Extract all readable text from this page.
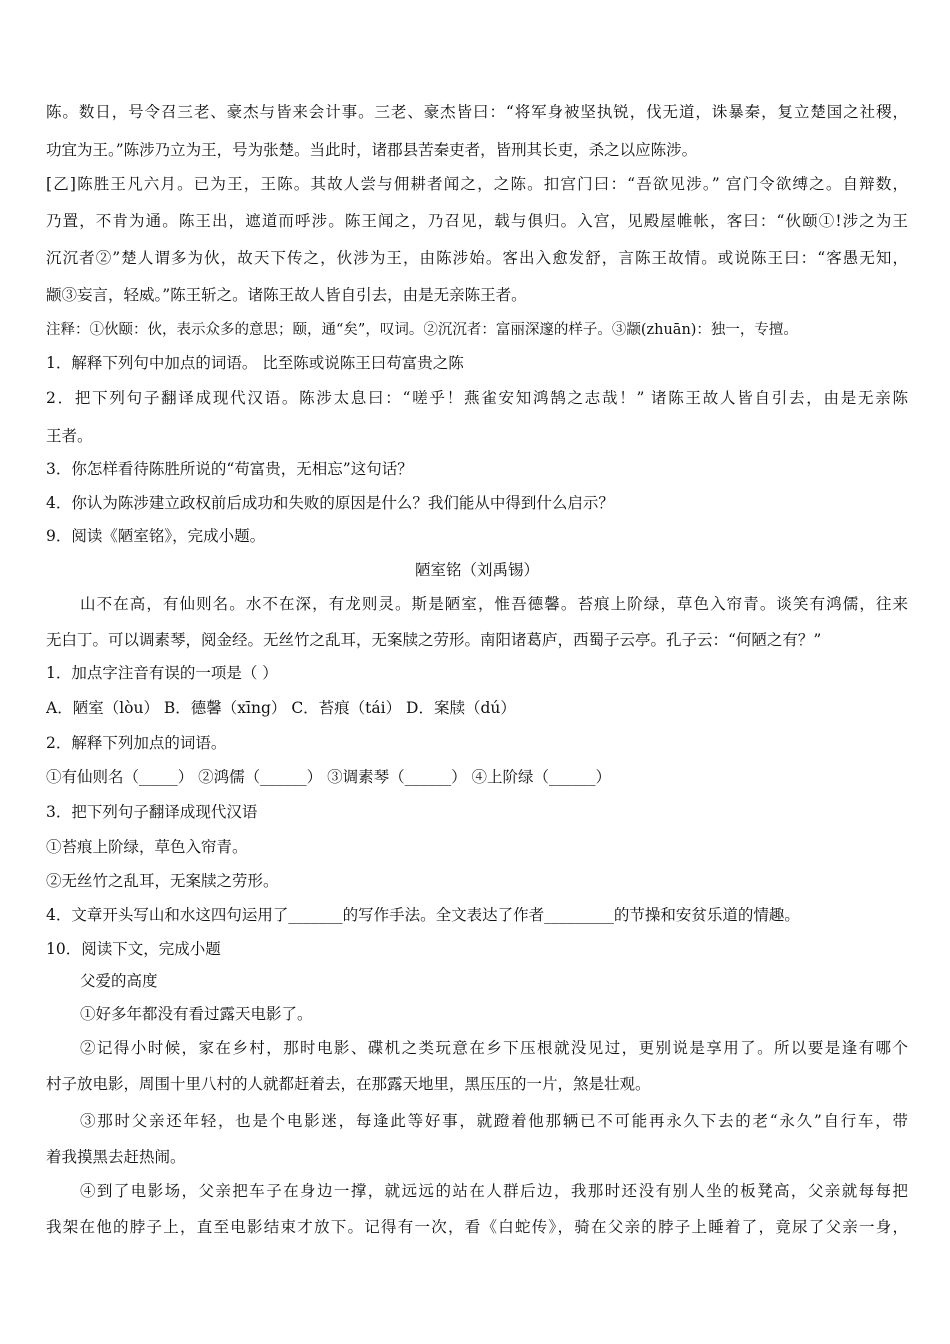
陈。数日，号令召三老、豪杰与皆来会计事。三老、豪杰皆曰：“将军身被坚执锐，伐无道，诛暴秦，复立楚国之社稷，
功宜为王。”陈涉乃立为王，号为张楚。当此时，诸郡县苦秦吏者，皆刑其长吏，杀之以应陈涉。
[乙]陈胜王凡六月。已为王，王陈。其故人尝与佣耕者闻之，之陈。扣宫门曰：“吾欲见涉。” 宫门令欲缚之。自辩数，
乃置，不肯为通。陈王出，遮道而呼涉。陈王闻之，乃召见，载与俱归。入宫，见殿屋帷帐，客曰：“伙颐①!涉之为王
沉沉者②”楚人谓多为伙，故天下传之，伙涉为王，由陈涉始。客出入愈发舒，言陈王故情。或说陈王曰：“客愚无知，
颛③妄言，轻威。”陈王斩之。诸陈王故人皆自引去，由是无亲陈王者。
注释：①伙颐：伙，表示众多的意思；颐，通“矣”，叹词。②沉沉者：富丽深邃的样子。③颛(zhuān)：独一，专擅。
1．解释下列句中加点的词语。 比至陈或说陈王曰苟富贵之陈
2．把下列句子翻译成现代汉语。陈涉太息曰：“嗟乎！燕雀安知鸿鹄之志哉！” 诸陈王故人皆自引去，由是无亲陈
王者。
3．你怎样看待陈胜所说的“苟富贵，无相忘”这句话？
4．你认为陈涉建立政权前后成功和失败的原因是什么？我们能从中得到什么启示？
9．阅读《陋室铭》，完成小题。
陋室铭（刘禹锡）
山不在高，有仙则名。水不在深，有龙则灵。斯是陋室，惟吾德馨。苔痕上阶绿，草色入帘青。谈笑有鸿儒，往来
无白丁。可以调素琴，阅金经。无丝竹之乱耳，无案牍之劳形。南阳诸葛庐，西蜀子云亭。孔子云：“何陋之有？”
1．加点字注音有误的一项是（ ）
A．陋室（lòu） B．德馨（xīng） C．苔痕（tái） D．案牍（dú）
2．解释下列加点的词语。
①有仙则名（_____） ②鸿儒（______） ③调素琴（______） ④上阶绿（______）
3．把下列句子翻译成现代汉语
①苔痕上阶绿，草色入帘青。
②无丝竹之乱耳，无案牍之劳形。
4．文章开头写山和水这四句运用了_______的写作手法。全文表达了作者_________的节操和安贫乐道的情趣。
10．阅读下文，完成小题
父爱的高度
①好多年都没有看过露天电影了。
②记得小时候，家在乡村，那时电影、碟机之类玩意在乡下压根就没见过，更别说是享用了。所以要是逢有哪个
村子放电影，周围十里八村的人就都赶着去，在那露天地里，黑压压的一片，煞是壮观。
③那时父亲还年轻，也是个电影迷，每逢此等好事，就蹬着他那辆已不可能再永久下去的老“永久”自行车，带
着我摸黑去赶热闹。
④到了电影场，父亲把车子在身边一撑，就远远的站在人群后边，我那时还没有别人坐的板凳高，父亲就每每把
我架在他的脖子上，直至电影结束才放下。记得有一次，看《白蛇传》，骑在父亲的脖子上睡着了，竟尿了父亲一身，
